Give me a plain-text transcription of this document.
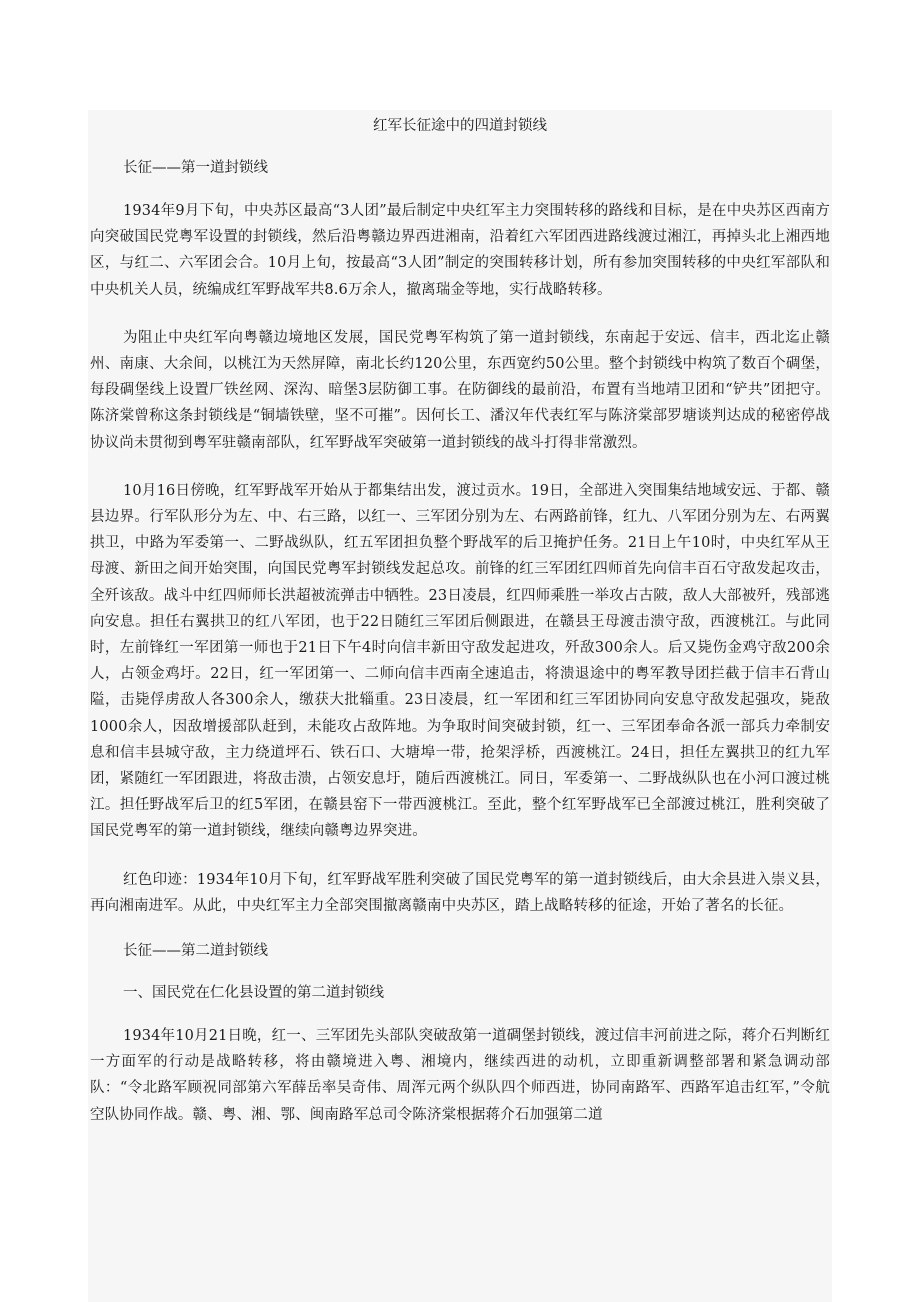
红军长征途中的四道封锁线
长征——第一道封锁线
1934年9月下旬，中央苏区最高“3人团”最后制定中央红军主力突围转移的路线和目标，是在中央苏区西南方向突破国民党粤军设置的封锁线，然后沿粤赣边界西进湘南，沿着红六军团西进路线渡过湘江，再掉头北上湘西地区，与红二、六军团会合。10月上旬，按最高“3人团”制定的突围转移计划，所有参加突围转移的中央红军部队和中央机关人员，统编成红军野战军共8.6万余人，撤离瑞金等地，实行战略转移。
为阻止中央红军向粤赣边境地区发展，国民党粤军构筑了第一道封锁线，东南起于安远、信丰，西北迄止赣州、南康、大余间，以桃江为天然屏障，南北长约120公里，东西宽约50公里。整个封锁线中构筑了数百个碉堡，每段碉堡线上设置厂铁丝网、深沟、暗堡3层防御工事。在防御线的最前沿，布置有当地靖卫团和“铲共”团把守。陈济棠曾称这条封锁线是“铜墙铁壁，坚不可摧”。因何长工、潘汉年代表红军与陈济棠部罗塘谈判达成的秘密停战协议尚未贯彻到粤军驻赣南部队，红军野战军突破第一道封锁线的战斗打得非常激烈。
10月16日傍晚，红军野战军开始从于都集结出发，渡过贡水。19日，全部进入突围集结地域安远、于都、赣县边界。行军队形分为左、中、右三路，以红一、三军团分别为左、右两路前锋，红九、八军团分别为左、右两翼拱卫，中路为军委第一、二野战纵队，红五军团担负整个野战军的后卫掩护任务。21日上午10时，中央红军从王母渡、新田之间开始突围，向国民党粤军封锁线发起总攻。前锋的红三军团红四师首先向信丰百石守敌发起攻击，全歼该敌。战斗中红四师师长洪超被流弹击中牺牲。23日凌晨，红四师乘胜一举攻占古陂，敌人大部被歼，残部逃向安息。担任右翼拱卫的红八军团，也于22日随红三军团后侧跟进，在赣县王母渡击溃守敌，西渡桃江。与此同时，左前锋红一军团第一师也于21日下午4时向信丰新田守敌发起进攻，歼敌300余人。后又毙伤金鸡守敌200余人，占领金鸡圩。22日，红一军团第一、二师向信丰西南全速追击，将溃退途中的粤军教导团拦截于信丰石背山隘，击毙俘虏敌人各300余人，缴获大批辎重。23日凌晨，红一军团和红三军团协同向安息守敌发起强攻，毙敌1000余人，因敌增援部队赶到，未能攻占敌阵地。为争取时间突破封锁，红一、三军团奉命各派一部兵力牵制安息和信丰县城守敌，主力绕道坪石、铁石口、大塘埠一带，抢架浮桥，西渡桃江。24日，担任左翼拱卫的红九军团，紧随红一军团跟进，将敌击溃，占领安息圩，随后西渡桃江。同日，军委第一、二野战纵队也在小河口渡过桃江。担任野战军后卫的红5军团，在赣县窑下一带西渡桃江。至此，整个红军野战军已全部渡过桃江，胜利突破了国民党粤军的第一道封锁线，继续向赣粤边界突进。
红色印迹：1934年10月下旬，红军野战军胜利突破了国民党粤军的第一道封锁线后，由大余县进入崇义县，再向湘南进军。从此，中央红军主力全部突围撤离赣南中央苏区，踏上战略转移的征途，开始了著名的长征。
长征——第二道封锁线
一、国民党在仁化县设置的第二道封锁线
1934年10月21日晚，红一、三军团先头部队突破敌第一道碉堡封锁线，渡过信丰河前进之际，蒋介石判断红一方面军的行动是战略转移，将由赣境进入粤、湘境内，继续西进的动机，立即重新调整部署和紧急调动部队：“令北路军顾祝同部第六军薛岳率吴奇伟、周浑元两个纵队四个师西进，协同南路军、西路军追击红军，”令航空队协同作战。赣、粤、湘、鄂、闽南路军总司令陈济棠根据蒋介石加强第二道
